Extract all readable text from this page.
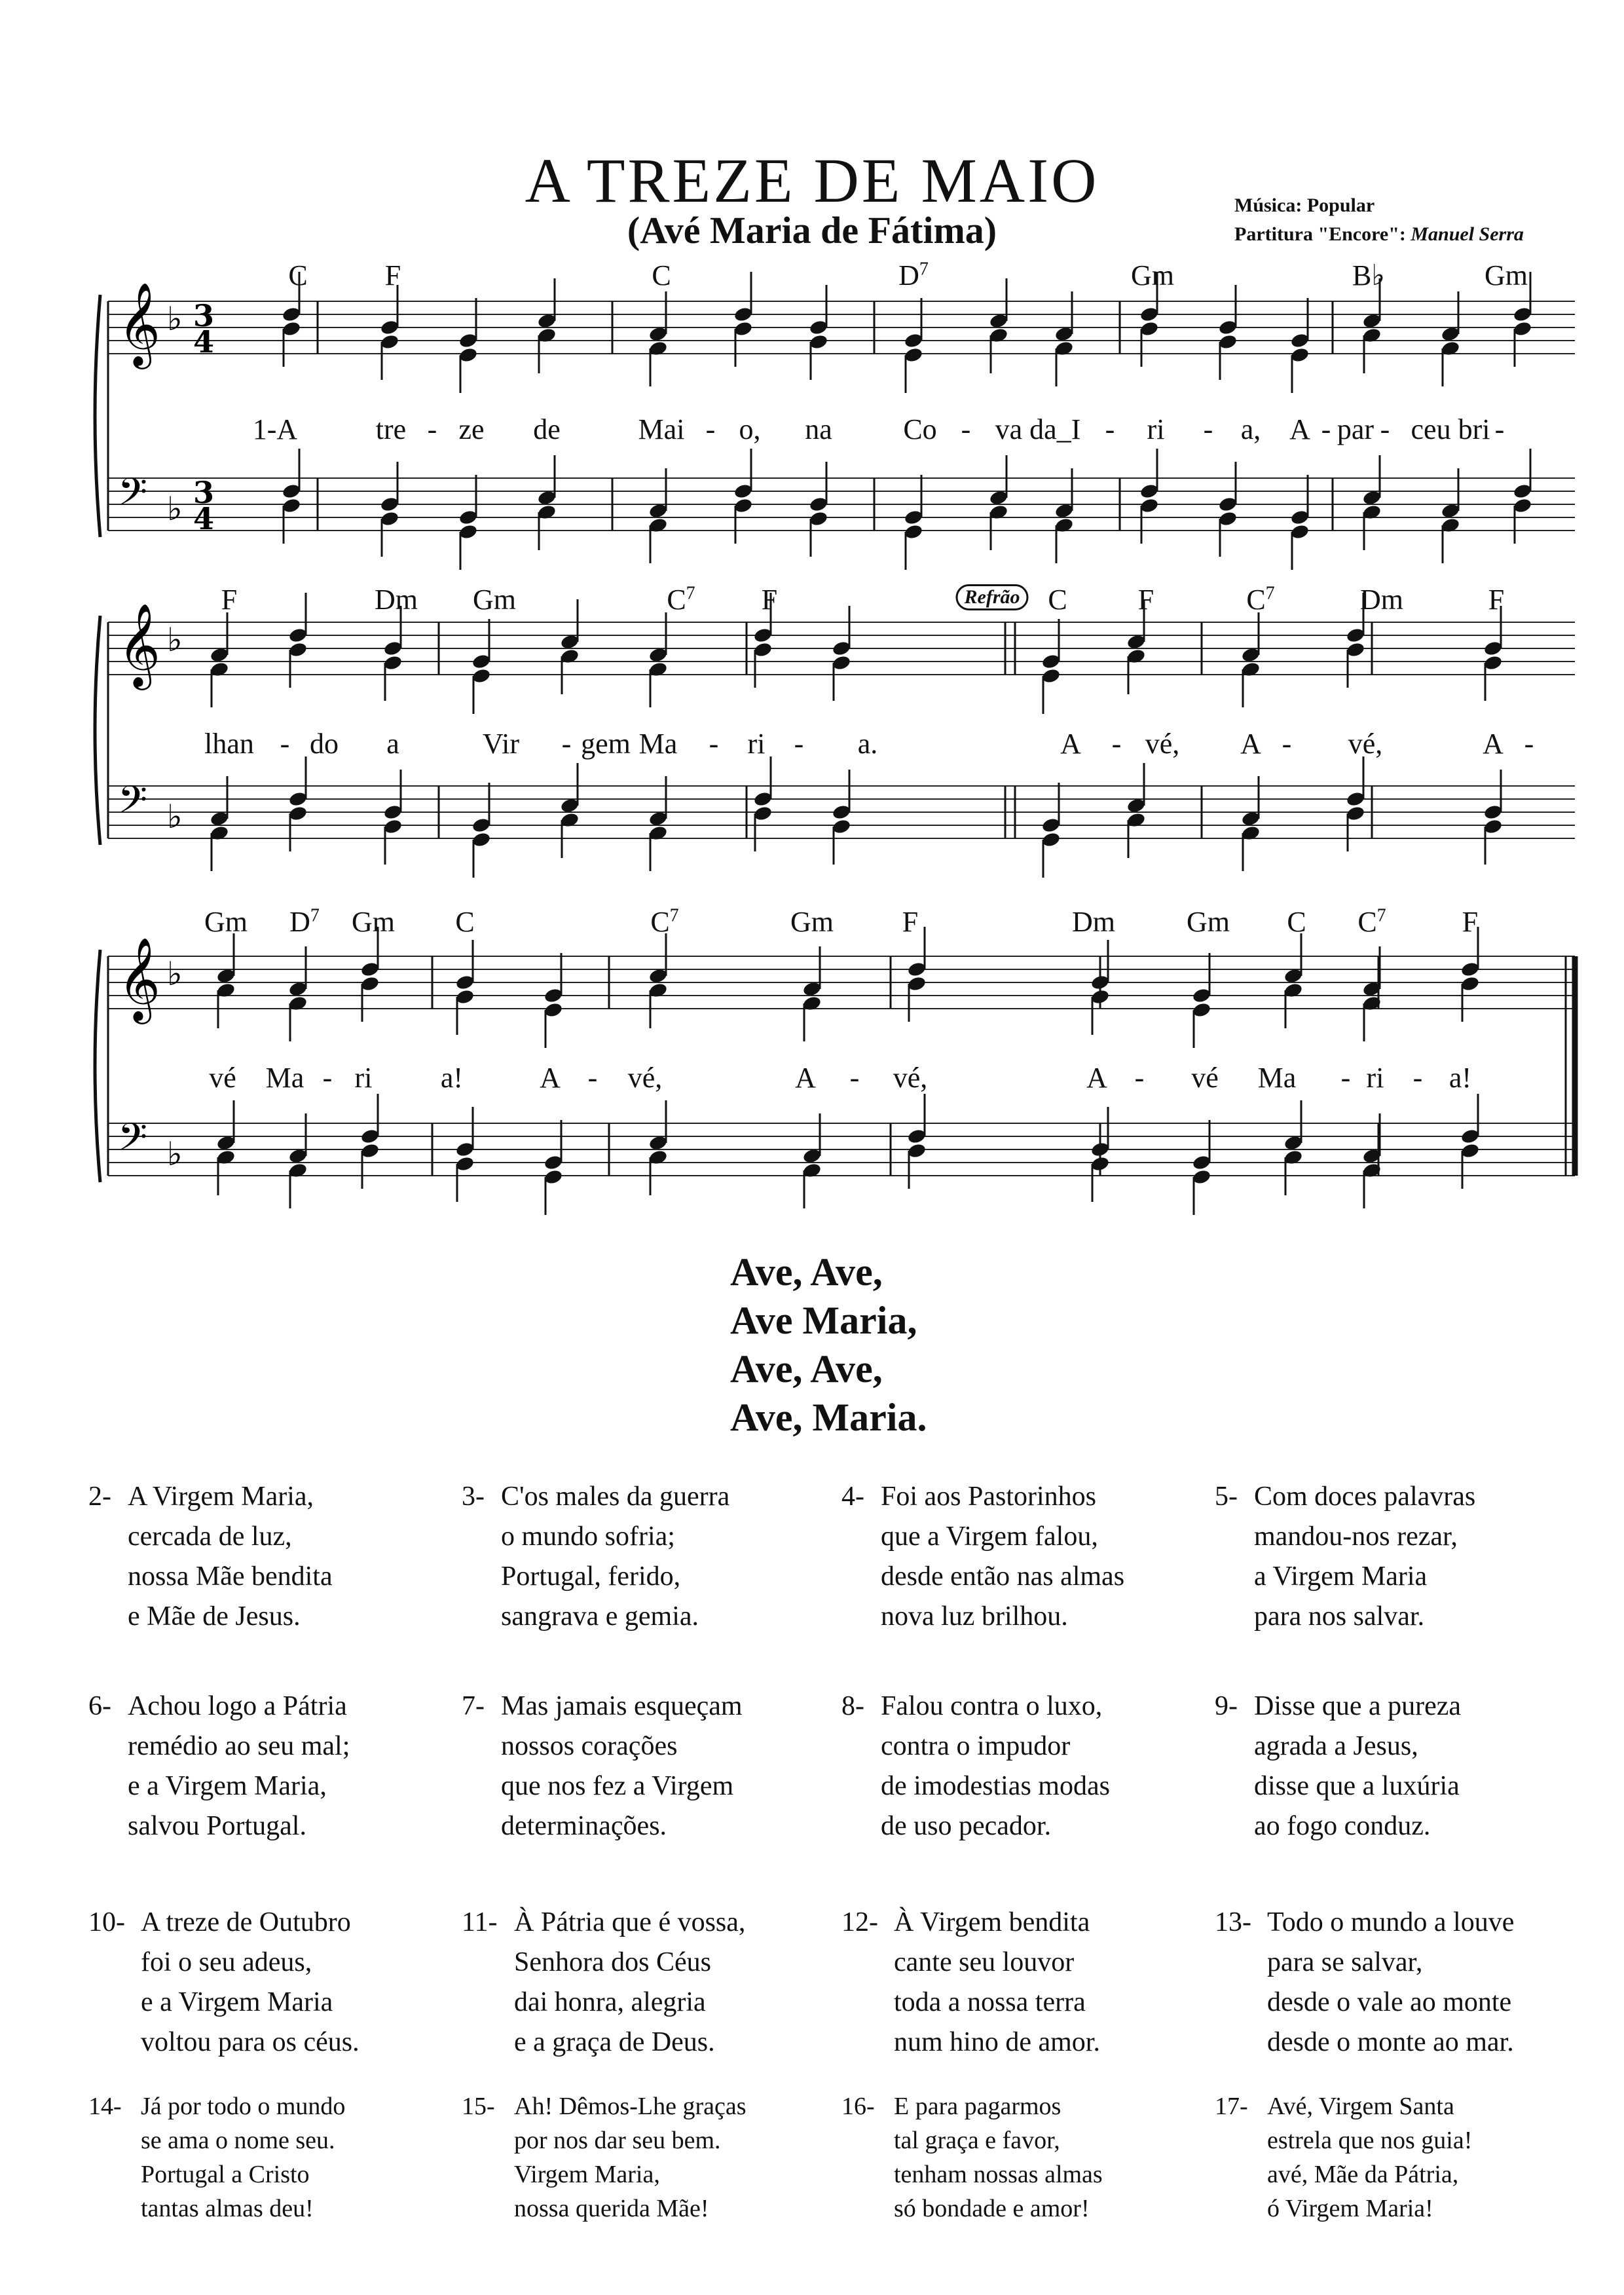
A TREZE DE MAIO
(Avé Maria de Fátima)
Música: Popular
Partitura "Encore": Manuel Serra
𝄞 ♭ 3
4
𝄢 ♭ 3
4
C	F	C	$D^7$	Gm	B♭	Gm
1-A	tre - ze de	Mai - o, na Co - va da_I - ri - a, A - par - ceu bri -
𝄞 ♭
𝄢 ♭
F	Dm Gm	$C^7$ F	C F	$C^7$	Dm	F
Refrão
lhan - do a	Vir - gem Ma - ri - a.	A - vé, A - vé,	A -
𝄞 ♭
𝄢 ♭
Gm $D^7$ Gm C	$C^7$	Gm F	Dm Gm C $C^7$	F
vé Ma - ri a!	A - vé,	A - vé,	A - vé Ma - ri - a!
Ave, Ave,
Ave Maria,
Ave, Ave,
Ave, Maria.
2- A Virgem Maria,
cercada de luz,
nossa Mãe bendita
e Mãe de Jesus.
3- C'os males da guerra
o mundo sofria;
Portugal, ferido,
sangrava e gemia.
4- Foi aos Pastorinhos
que a Virgem falou,
desde então nas almas
nova luz brilhou.
5- Com doces palavras
mandou-nos rezar,
a Virgem Maria
para nos salvar.
6- Achou logo a Pátria
remédio ao seu mal;
e a Virgem Maria,
salvou Portugal.
7- Mas jamais esqueçam
nossos corações
que nos fez a Virgem
determinações.
8- Falou contra o luxo,
contra o impudor
de imodestias modas
de uso pecador.
9- Disse que a pureza
agrada a Jesus,
disse que a luxúria
ao fogo conduz.
10- A treze de Outubro
foi o seu adeus,
e a Virgem Maria
voltou para os céus.
11- À Pátria que é vossa,
Senhora dos Céus
dai honra, alegria
e a graça de Deus.
12- À Virgem bendita
cante seu louvor
toda a nossa terra
num hino de amor.
13- Todo o mundo a louve
para se salvar,
desde o vale ao monte
desde o monte ao mar.
14- Já por todo o mundo
se ama o nome seu.
Portugal a Cristo
tantas almas deu!
15- Ah! Dêmos-Lhe graças
por nos dar seu bem.
Virgem Maria,
nossa querida Mãe!
16- E para pagarmos
tal graça e favor,
tenham nossas almas
só bondade e amor!
17- Avé, Virgem Santa
estrela que nos guia!
avé, Mãe da Pátria,
ó Virgem Maria!
